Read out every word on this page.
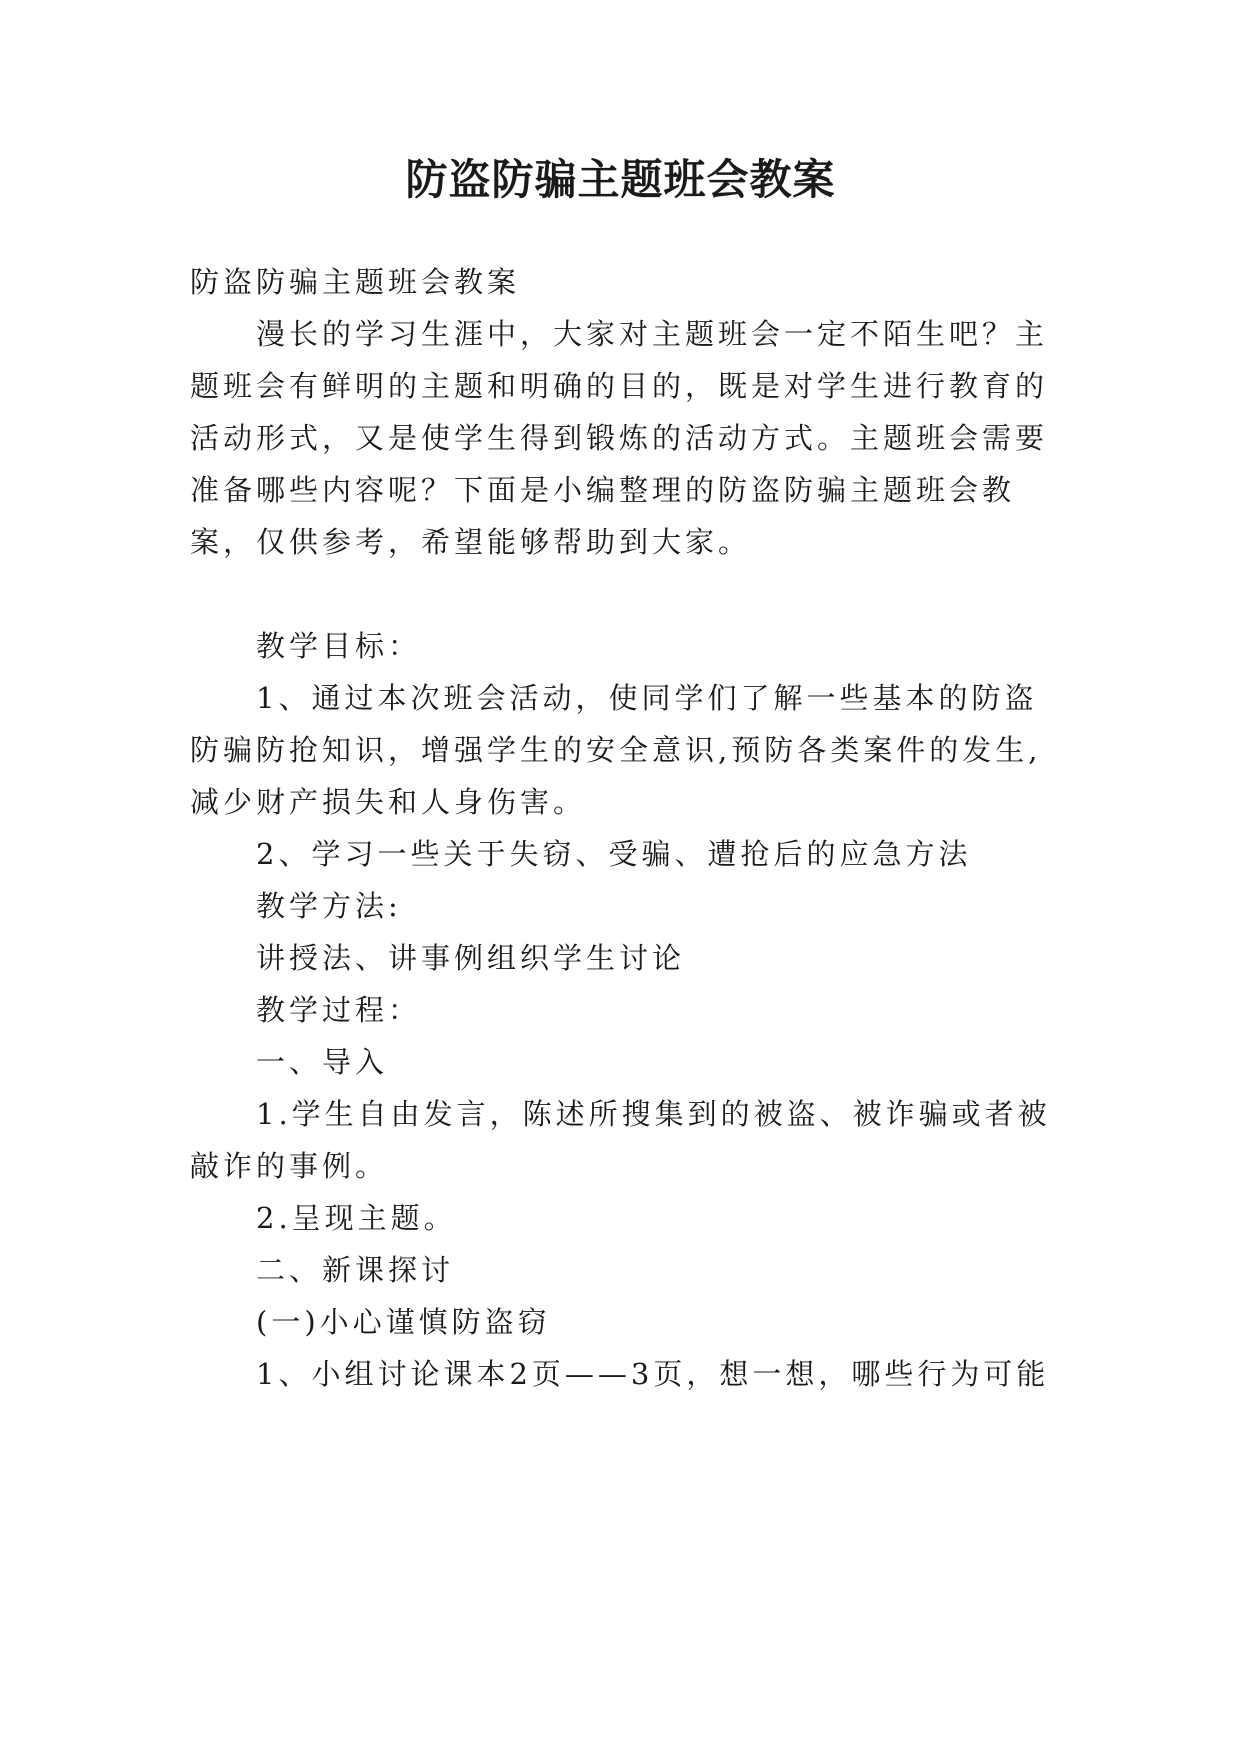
防盗防骗主题班会教案

防盗防骗主题班会教案

漫长的学习生涯中，大家对主题班会一定不陌生吧？主

题班会有鲜明的主题和明确的目的，既是对学生进行教育的

活动形式，又是使学生得到锻炼的活动方式。主题班会需要

准备哪些内容呢？下面是小编整理的防盗防骗主题班会教

案，仅供参考，希望能够帮助到大家。

教学目标：

1、通过本次班会活动，使同学们了解一些基本的防盗

防骗防抢知识，增强学生的安全意识,预防各类案件的发生,

减少财产损失和人身伤害。

2、学习一些关于失窃、受骗、遭抢后的应急方法

教学方法:

讲授法、讲事例组织学生讨论

教学过程：

一、导入

1.学生自由发言，陈述所搜集到的被盗、被诈骗或者被

敲诈的事例。

2.呈现主题。

二、新课探讨

(一)小心谨慎防盗窃

1、小组讨论课本2页——3页，想一想，哪些行为可能
